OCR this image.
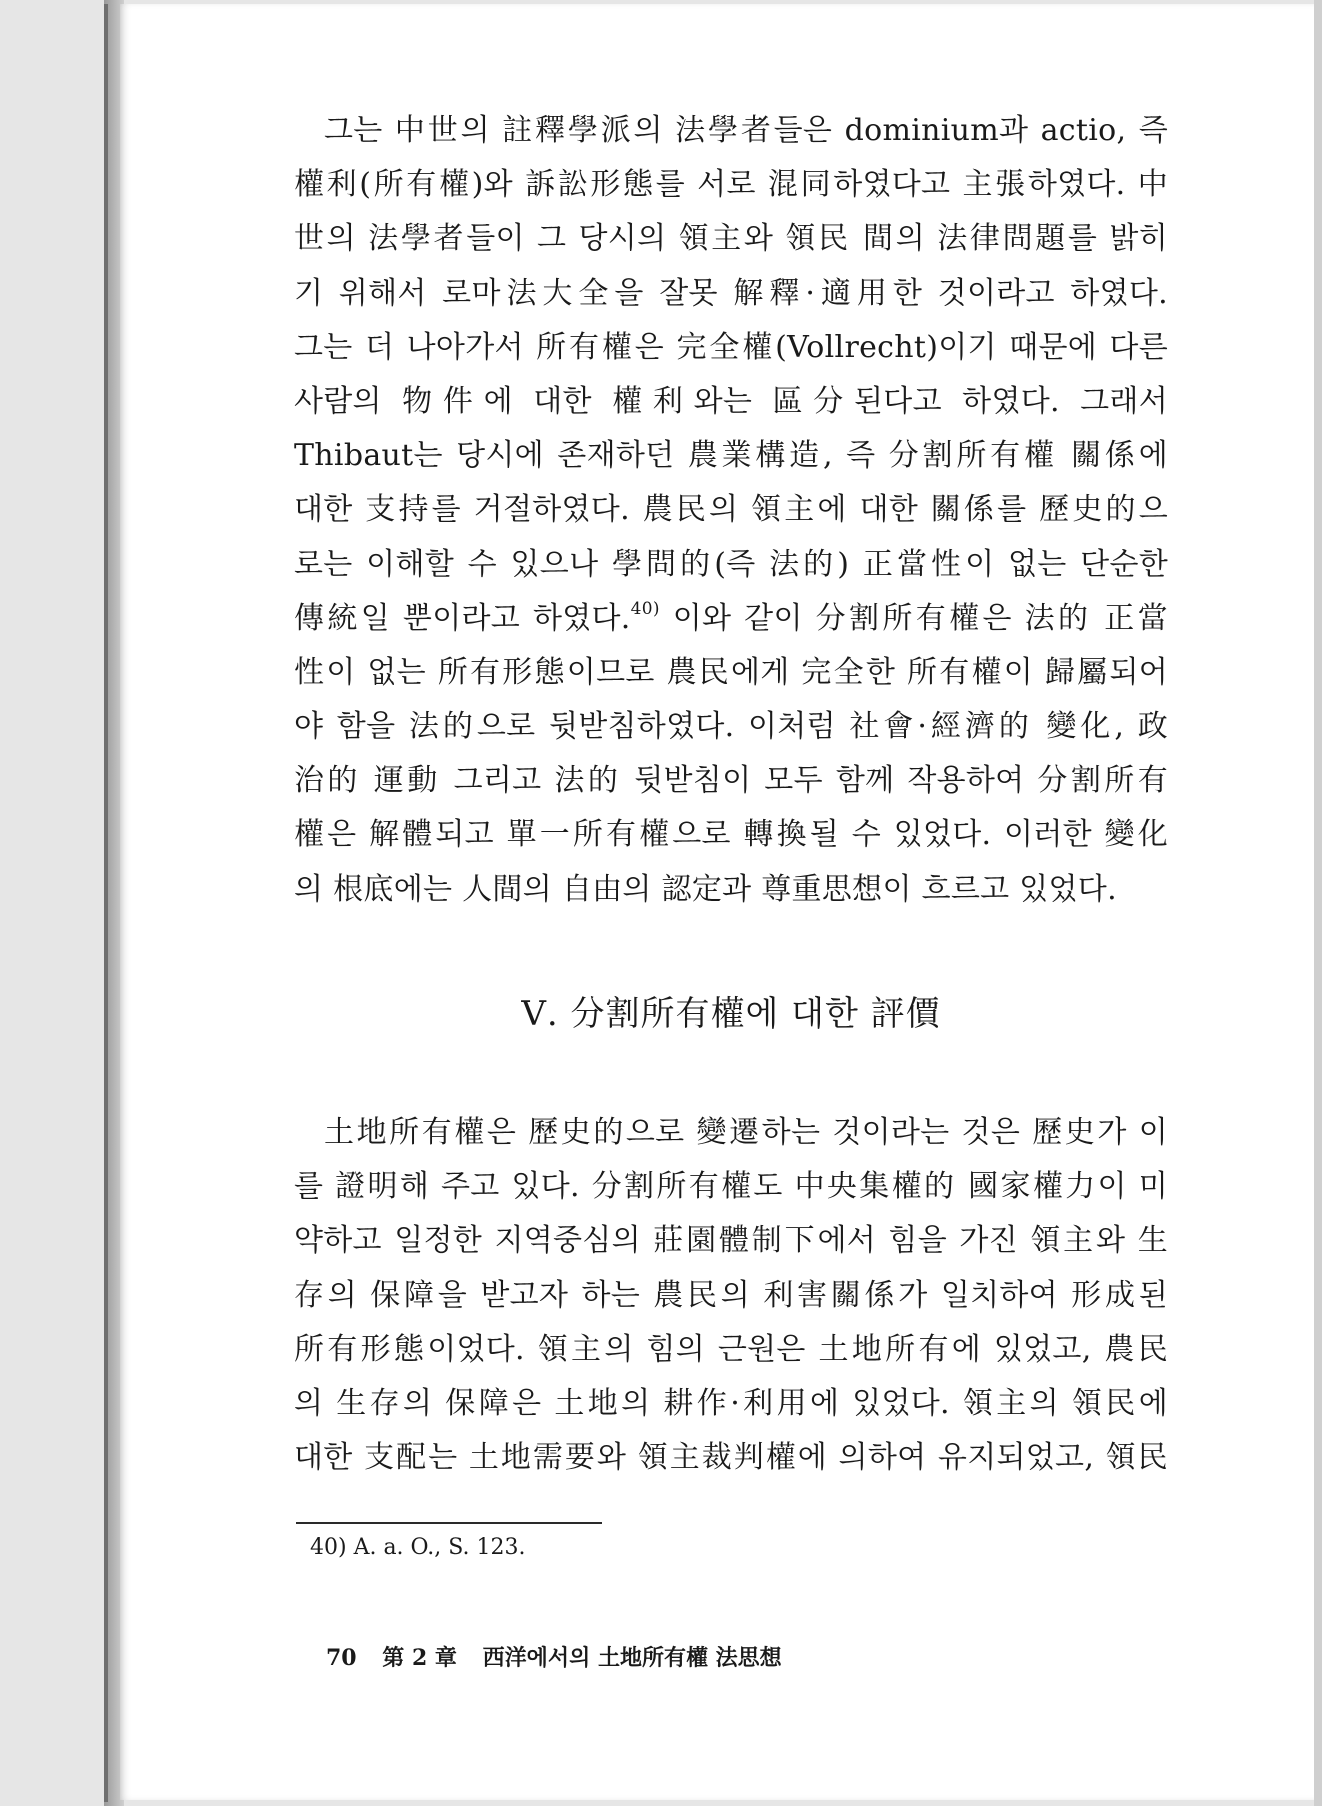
그는 中世의 註釋學派의 法學者들은 dominium과 actio, 즉
權利(所有權)와 訴訟形態를 서로 混同하였다고 主張하였다. 中
世의 法學者들이 그 당시의 領主와 領民 間의 法律問題를 밝히
기 위해서 로마法大全을 잘못 解釋·適用한 것이라고 하였다.
그는 더 나아가서 所有權은 完全權(Vollrecht)이기 때문에 다른
사람의 物件에 대한 權利와는 區分된다고 하였다. 그래서
Thibaut는 당시에 존재하던 農業構造, 즉 分割所有權 關係에
대한 支持를 거절하였다. 農民의 領主에 대한 關係를 歷史的으
로는 이해할 수 있으나 學問的(즉 法的) 正當性이 없는 단순한
傳統일 뿐이라고 하였다.$^{40)}$ 이와 같이 分割所有權은 法的 正當
性이 없는 所有形態이므로 農民에게 完全한 所有權이 歸屬되어
야 함을 法的으로 뒷받침하였다. 이처럼 社會·經濟的 變化, 政
治的 運動 그리고 法的 뒷받침이 모두 함께 작용하여 分割所有
權은 解體되고 單一所有權으로 轉換될 수 있었다. 이러한 變化
의 根底에는 人間의 自由의 認定과 尊重思想이 흐르고 있었다.
Ⅴ. 分割所有權에 대한 評價
土地所有權은 歷史的으로 變遷하는 것이라는 것은 歷史가 이
를 證明해 주고 있다. 分割所有權도 中央集權的 國家權力이 미
약하고 일정한 지역중심의 莊園體制下에서 힘을 가진 領主와 生
存의 保障을 받고자 하는 農民의 利害關係가 일치하여 形成된
所有形態이었다. 領主의 힘의 근원은 土地所有에 있었고, 農民
의 生存의 保障은 土地의 耕作·利用에 있었다. 領主의 領民에
대한 支配는 土地需要와 領主裁判權에 의하여 유지되었고, 領民
40) A. a. O., S. 123.
70 第 2 章 西洋에서의 土地所有權 法思想
